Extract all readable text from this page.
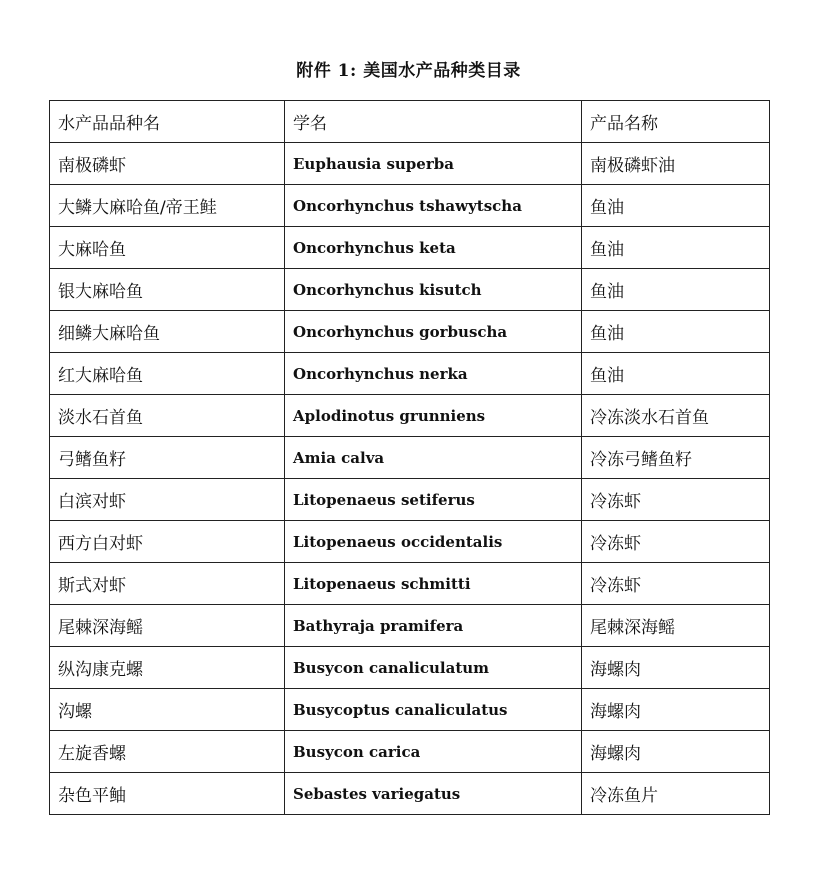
附件 1: 美国水产品种类目录
水产品品种名	学名	产品名称
南极磷虾	Euphausia superba	南极磷虾油
大鳞大麻哈鱼/帝王鲑	Oncorhynchus tshawytscha	鱼油
大麻哈鱼	Oncorhynchus keta	鱼油
银大麻哈鱼	Oncorhynchus kisutch	鱼油
细鳞大麻哈鱼	Oncorhynchus gorbuscha	鱼油
红大麻哈鱼	Oncorhynchus nerka	鱼油
淡水石首鱼	Aplodinotus grunniens	冷冻淡水石首鱼
弓鳍鱼籽	Amia calva	冷冻弓鳍鱼籽
白滨对虾	Litopenaeus setiferus	冷冻虾
西方白对虾	Litopenaeus occidentalis	冷冻虾
斯式对虾	Litopenaeus schmitti	冷冻虾
尾棘深海鳐	Bathyraja pramifera	尾棘深海鳐
纵沟康克螺	Busycon canaliculatum	海螺肉
沟螺	Busycoptus canaliculatus	海螺肉
左旋香螺	Busycon carica	海螺肉
杂色平鲉	Sebastes variegatus	冷冻鱼片
